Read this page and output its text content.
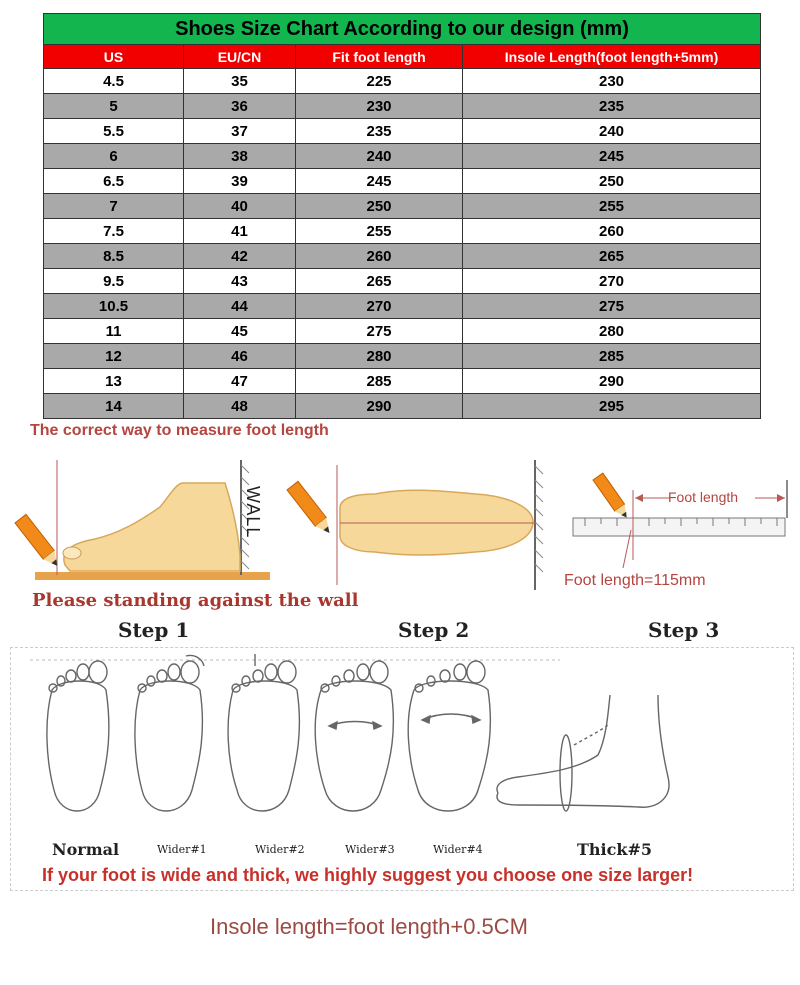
Shoes Size Chart According to our design (mm)			
US	EU/CN	Fit foot length	Insole Length(foot length+5mm)
4.5	35	225	230
5	36	230	235
5.5	37	235	240
6	38	240	245
6.5	39	245	250
7	40	250	255
7.5	41	255	260
8.5	42	260	265
9.5	43	265	270
10.5	44	270	275
11	45	275	280
12	46	280	285
13	47	285	290
14	48	290	295
The correct way to measure foot length
WALL
Please standing against the wall
Foot length
Foot length=115mm
Step 1	Step 2	Step 3
Normal	Wider#1	Wider#2	Wider#3	Wider#4	Thick#5
If your foot is wide and thick, we highly suggest you choose one size larger!
Insole length=foot length+0.5CM
